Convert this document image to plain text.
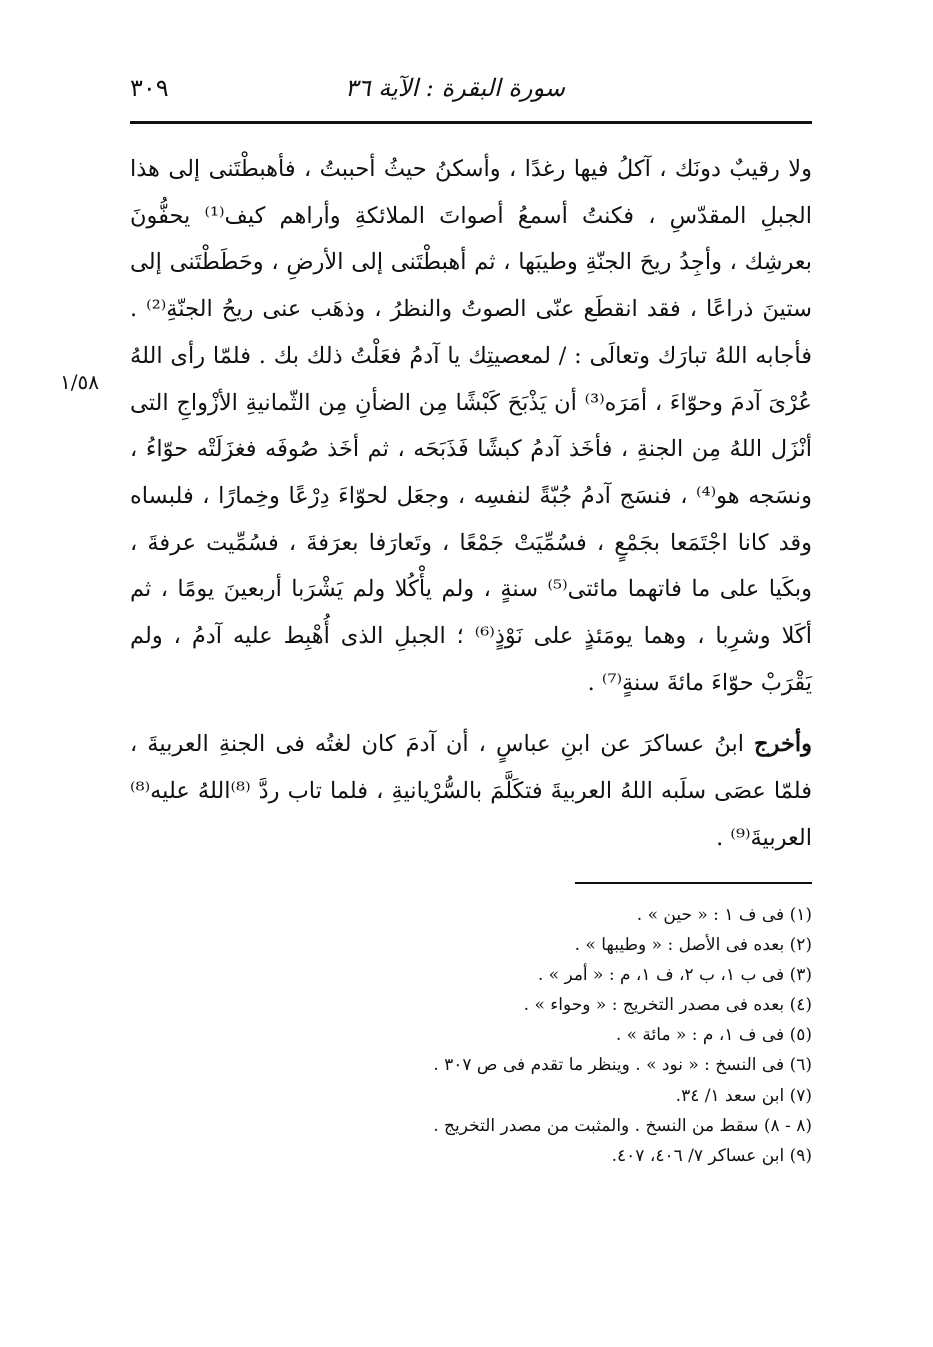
سورة البقرة : الآية ٣٦
٣٠٩
١/٥٨

ولا رقيبٌ دونَك ، آكلُ فيها رغدًا ، وأسكنُ حيثُ أحببتُ ، فأهبطْتَنى إلى هذا الجبلِ المقدّسِ ، فكنتُ أسمعُ أصواتَ الملائكةِ وأراهم كيف⁽¹⁾ يحفُّونَ بعرشِك ، وأجِدُ ريحَ الجنّةِ وطيبَها ، ثم أهبطْتَنى إلى الأرضِ ، وحَطَطْتَنى إلى ستينَ ذراعًا ، فقد انقطَع عنّى الصوتُ والنظرُ ، وذهَب عنى ريحُ الجنّةِ⁽²⁾ . فأجابه اللهُ تبارَك وتعالَى : / لمعصيتِك يا آدمُ فعَلْتُ ذلك بك . فلمّا رأى اللهُ عُرْىَ آدمَ وحوّاءَ ، أمَرَه⁽³⁾ أن يَذْبَحَ كَبْشًا مِن الضأنِ مِن الثّمانيةِ الأزْواجِ التى أنْزَل اللهُ مِن الجنةِ ، فأخَذ آدمُ كبشًا فَذَبَحَه ، ثم أخَذ صُوفَه فغزَلَتْه حوّاءُ ، ونسَجه هو⁽⁴⁾ ، فنسَج آدمُ جُبّةً لنفسِه ، وجعَل لحوّاءَ دِرْعًا وخِمارًا ، فلبساه وقد كانا اجْتَمَعا بجَمْعٍ ، فسُمِّيَتْ جَمْعًا ، وتَعارَفا بعرَفةَ ، فسُمِّيت عرفةَ ، وبكَيا على ما فاتهما مائتى⁽⁵⁾ سنةٍ ، ولم يأْكُلا ولم يَشْرَبا أربعينَ يومًا ، ثم أكَلا وشرِبا ، وهما يومَئذٍ على نَوْذٍ⁽⁶⁾ ؛ الجبلِ الذى أُهْبِط عليه آدمُ ، ولم يَقْرَبْ حوّاءَ مائةَ سنةٍ⁽⁷⁾ .

وأخرج ابنُ عساكرَ عن ابنِ عباسٍ ، أن آدمَ كان لغتُه فى الجنةِ العربيةَ ، فلمّا عصَى سلَبه اللهُ العربيةَ فتكَلَّمَ بالسُّرْيانيةِ ، فلما تاب ردَّ ⁽⁸⁾اللهُ عليه⁽⁸⁾ العربيةَ⁽⁹⁾ .

(١) فى ف ١ : « حين » .

(٢) بعده فى الأصل : « وطيبها » .

(٣) فى ب ١، ب ٢، ف ١، م : « أمر » .

(٤) بعده فى مصدر التخريج : « وحواء » .

(٥) فى ف ١، م : « مائة » .

(٦) فى النسخ : « نود » . وينظر ما تقدم فى ص ٣٠٧ .

(٧) ابن سعد ١/ ٣٤.

(٨ - ٨) سقط من النسخ . والمثبت من مصدر التخريج .

(٩) ابن عساكر ٧/ ٤٠٦، ٤٠٧.
